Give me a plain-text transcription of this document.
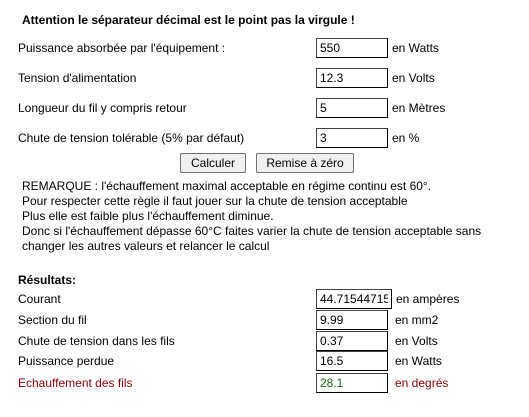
Attention le séparateur décimal est le point pas la virgule !
Puissance absorbée par l'équipement :
550	en Watts
Tension d'alimentation
12.3	en Volts
Longueur du fil y compris retour
5	en Mètres
Chute de tension tolérable (5% par défaut)
3	en %
Calculer	Remise à zéro
REMARQUE : l'échauffement maximal acceptable en régime continu est 60°.
Pour respecter cette règle il faut jouer sur la chute de tension acceptable
Plus elle est faible plus l'échauffement diminue.
Donc si l'échauffement dépasse 60°C faites varier la chute de tension acceptable sans
changer les autres valeurs et relancer le calcul
Résultats:
Courant
44.71544715	en ampères
Section du fil
9.99	en mm2
Chute de tension dans les fils
0.37	en Volts
Puissance perdue
16.5	en Watts
Echauffement des fils
28.1	en degrés
